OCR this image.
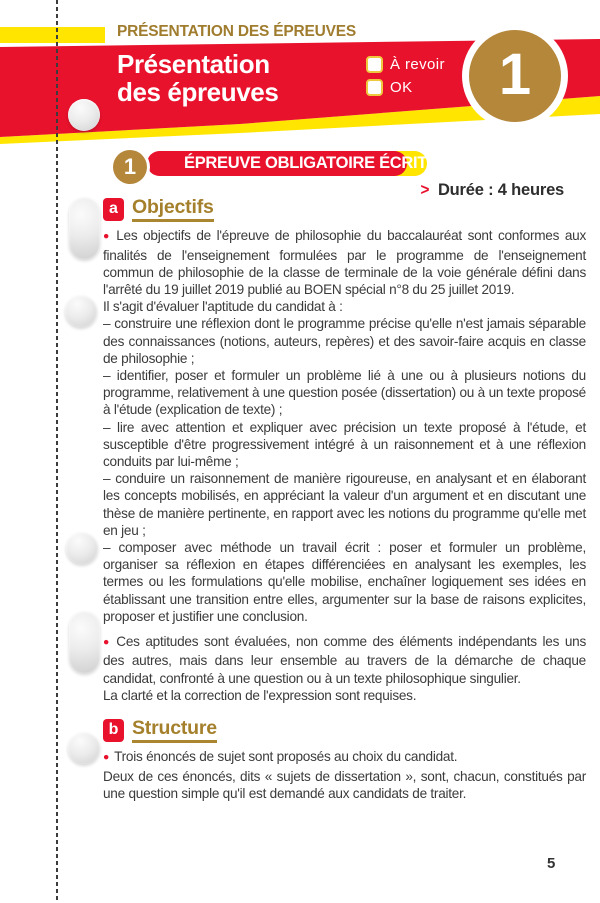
PRÉSENTATION DES ÉPREUVES
Présentation
des épreuves
À revoir
OK 1
ÉPREUVE OBLIGATOIRE ÉCRITE
1
> Durée : 4 heures
a Objectifs

● Les objectifs de l'épreuve de philosophie du baccalauréat sont conformes aux finalités de l'enseignement formulées par le programme de l'enseignement commun de philosophie de la classe de terminale de la voie générale défini dans l'arrêté du 19 juillet 2019 publié au BOEN spécial n°8 du 25 juillet 2019.

Il s'agit d'évaluer l'aptitude du candidat à :

– construire une réflexion dont le programme précise qu'elle n'est jamais séparable des connaissances (notions, auteurs, repères) et des savoir-faire acquis en classe de philosophie ;

– identifier, poser et formuler un problème lié à une ou à plusieurs notions du programme, relativement à une question posée (dissertation) ou à un texte proposé à l'étude (explication de texte) ;

– lire avec attention et expliquer avec précision un texte proposé à l'étude, et susceptible d'être progressivement intégré à un raisonnement et à une réflexion conduits par lui-même ;

– conduire un raisonnement de manière rigoureuse, en analysant et en élaborant les concepts mobilisés, en appréciant la valeur d'un argument et en discutant une thèse de manière pertinente, en rapport avec les notions du programme qu'elle met en jeu ;

– composer avec méthode un travail écrit : poser et formuler un problème, organiser sa réflexion en étapes différenciées en analysant les exemples, les termes ou les formulations qu'elle mobilise, enchaîner logiquement ses idées en établissant une transition entre elles, argumenter sur la base de raisons explicites, proposer et justifier une conclusion.

● Ces aptitudes sont évaluées, non comme des éléments indépendants les uns des autres, mais dans leur ensemble au travers de la démarche de chaque candidat, confronté à une question ou à un texte philosophique singulier.

La clarté et la correction de l'expression sont requises.

b Structure

● Trois énoncés de sujet sont proposés au choix du candidat.

Deux de ces énoncés, dits « sujets de dissertation », sont, chacun, constitués par une question simple qu'il est demandé aux candidats de traiter.

5
